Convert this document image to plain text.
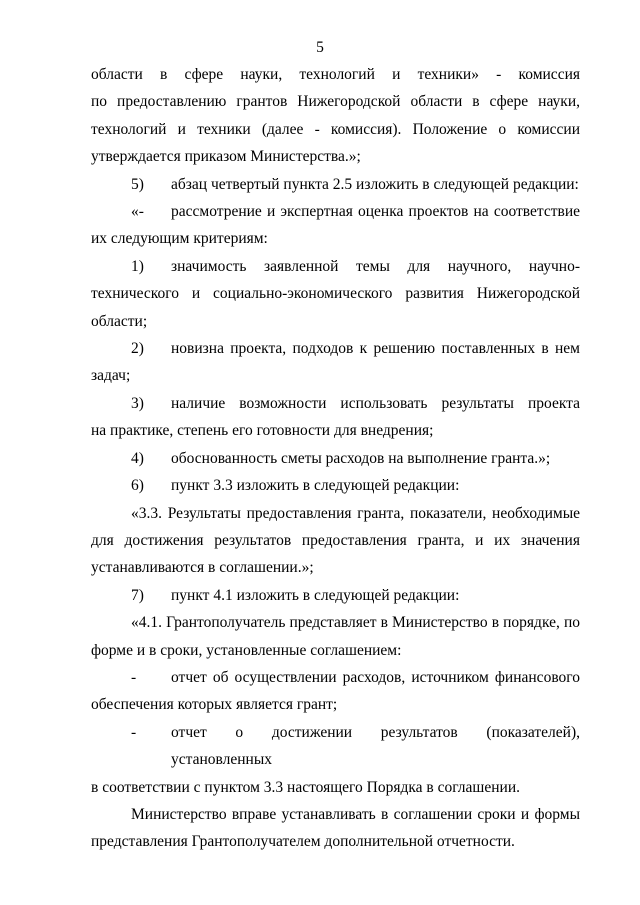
5

области в сфере науки, технологий и техники» - комиссия

по предоставлению грантов Нижегородской области в сфере науки, технологий и техники (далее - комиссия). Положение о комиссии утверждается приказом Министерства.»;

5)	абзац четвертый пункта 2.5 изложить в следующей редакции:
«-	рассмотрение и экспертная оценка проектов на соответствие

их следующим критериям:

1)	значимость заявленной темы для научного, научно-

технического и социально-экономического развития Нижегородской области;

2)	новизна проекта, подходов к решению поставленных в нем

задач;

3)	наличие возможности использовать результаты проекта

на практике, степень его готовности для внедрения;

4)	обоснованность сметы расходов на выполнение гранта.»;
6)	пункт 3.3 изложить в следующей редакции:

«3.3. Результаты предоставления гранта, показатели, необходимые для достижения результатов предоставления гранта, и их значения устанавливаются в соглашении.»;

7)	пункт 4.1 изложить в следующей редакции:

«4.1. Грантополучатель представляет в Министерство в порядке, по форме и в сроки, установленные соглашением:

-	отчет об осуществлении расходов, источником финансового

обеспечения которых является грант;

-	отчет о достижении результатов (показателей), установленных

в соответствии с пунктом 3.3 настоящего Порядка в соглашении.

Министерство вправе устанавливать в соглашении сроки и формы представления Грантополучателем дополнительной отчетности.
